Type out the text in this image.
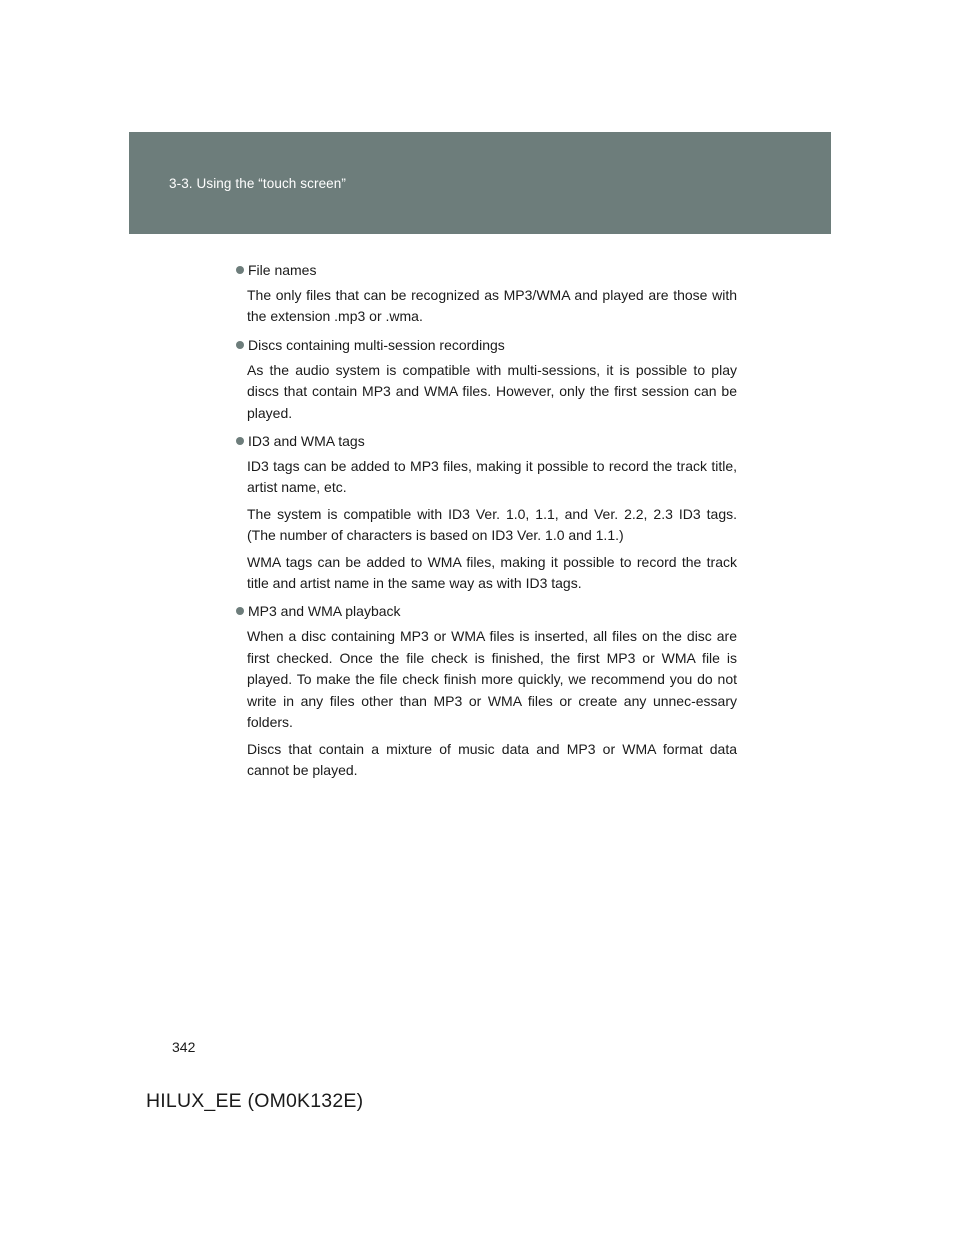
3-3. Using the “touch screen”
File names

The only files that can be recognized as MP3/WMA and played are those with the extension .mp3 or .wma.

Discs containing multi-session recordings

As the audio system is compatible with multi-sessions, it is possible to play discs that contain MP3 and WMA files. However, only the first session can be played.

ID3 and WMA tags

ID3 tags can be added to MP3 files, making it possible to record the track title, artist name, etc.

The system is compatible with ID3 Ver. 1.0, 1.1, and Ver. 2.2, 2.3 ID3 tags. (The number of characters is based on ID3 Ver. 1.0 and 1.1.)

WMA tags can be added to WMA files, making it possible to record the track title and artist name in the same way as with ID3 tags.

MP3 and WMA playback

When a disc containing MP3 or WMA files is inserted, all files on the disc are first checked. Once the file check is finished, the first MP3 or WMA file is played. To make the file check finish more quickly, we recommend you do not write in any files other than MP3 or WMA files or create any unnec-essary folders.

Discs that contain a mixture of music data and MP3 or WMA format data cannot be played.

342
HILUX_EE (OM0K132E)
